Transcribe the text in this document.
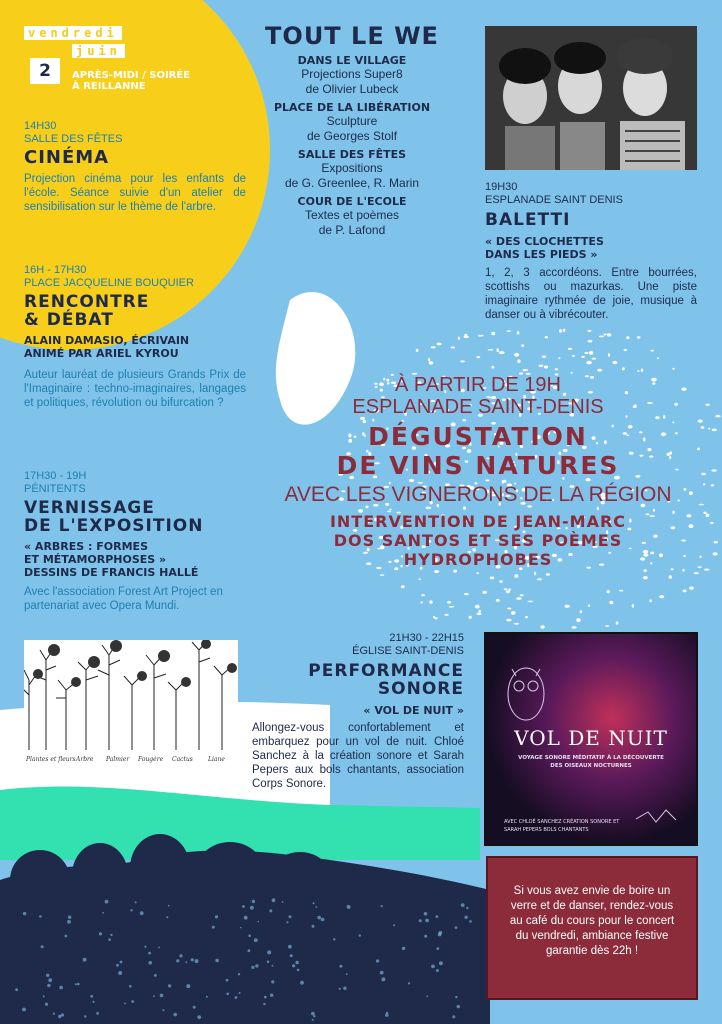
vendredi
juin
2	APRÈS-MIDI / SOIRÉE
À REILLANNE
14H30
SALLE DES FÊTES
CINÉMA
Projection cinéma pour les enfants de l'école. Séance suivie d'un atelier de sensibilisation sur le thème de l'arbre.
16H - 17H30
PLACE JACQUELINE BOUQUIER
RENCONTRE
& DÉBAT
ALAIN DAMASIO, ÉCRIVAIN
ANIMÉ PAR ARIEL KYROU
Auteur lauréat de plusieurs Grands Prix de l'Imaginaire : techno-imaginaires, langages et politiques, révolution ou bifurcation ?
17H30 - 19H
PÉNITENTS
VERNISSAGE
DE L'EXPOSITION
« ARBRES : FORMES
ET MÉTAMORPHOSES »
DESSINS DE FRANCIS HALLÉ
Avec l'association Forest Art Project en partenariat avec Opera Mundi.
Plantes et fleurs Arbre Palmier Fougère Cactus	Liane
TOUT LE WE
DANS LE VILLAGE
Projections Super8
de Olivier Lubeck
PLACE DE LA LIBÉRATION
Sculpture
de Georges Stolf
SALLE DES FÊTES
Expositions
de G. Greenlee, R. Marin
COUR DE L'ECOLE
Textes et poèmes
de P. Lafond
19H30
ESPLANADE SAINT DENIS
BALETTI
« DES CLOCHETTES
DANS LES PIEDS »
1, 2, 3 accordéons. Entre bourrées, scottishs ou mazurkas. Une piste imaginaire rythmée de joie, musique à danser ou à vibrécouter.
À PARTIR DE 19H
ESPLANADE SAINT-DENIS
DÉGUSTATION
DE VINS NATURES
AVEC LES VIGNERONS DE LA RÉGION
INTERVENTION DE JEAN-MARC
DOS SANTOS ET SES POÈMES
HYDROPHOBES
21H30 - 22H15
ÉGLISE SAINT-DENIS
PERFORMANCE
SONORE
« VOL DE NUIT »
Allongez-vous confortablement et embarquez pour un vol de nuit. Chloé Sanchez à la création sonore et Sarah Pepers aux bols chantants, association Corps Sonore.
VOL DE NUIT
VOYAGE SONORE MÉDITATIF À LA DÉCOUVERTE
DES OISEAUX NOCTURNES
AVEC CHLOÉ SANCHEZ CRÉATION SONORE ET
SARAH PEPERS BOLS CHANTANTS
Si vous avez envie de boire un verre et de danser, rendez-vous au café du cours pour le concert du vendredi, ambiance festive garantie dès 22h !
